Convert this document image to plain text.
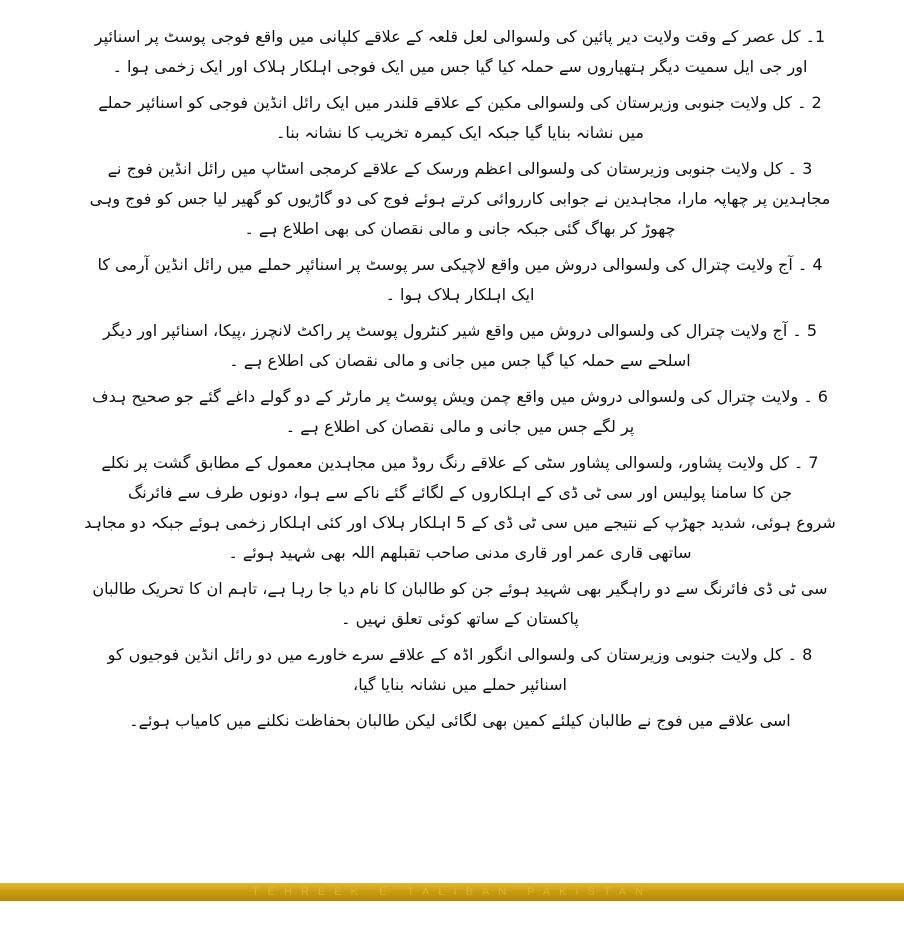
1۔ کل عصر کے وقت ولایت دیر پائین کی ولسوالی لعل قلعہ کے علاقے کلپانی میں واقع فوجی پوسٹ پر اسنائپر

اور جی ایل سمیت دیگر ہتھیاروں سے حملہ کیا گیا جس میں ایک فوجی اہلکار ہلاک اور ایک زخمی ہوا ۔

2 ۔ کل ولایت جنوبی وزیرستان کی ولسوالی مکین کے علاقے قلندر میں ایک رائل انڈین فوجی کو اسنائپر حملے

میں نشانہ بنایا گیا جبکہ ایک کیمرہ تخریب کا نشانہ بنا۔

3 ۔ کل ولایت جنوبی وزیرستان کی ولسوالی اعظم ورسک کے علاقے کرمجی اسٹاپ میں رائل انڈین فوج نے

مجاہدین پر چھاپہ مارا، مجاہدین نے جوابی کارروائی کرتے ہوئے فوج کی دو گاڑیوں کو گھیر لیا جس کو فوج وہی

چھوڑ کر بھاگ گئی جبکہ جانی و مالی نقصان کی بھی اطلاع ہے ۔

4 ۔ آج ولایت چترال کی ولسوالی دروش میں واقع لاچیکی سر پوسٹ پر اسنائپر حملے میں رائل انڈین آرمی کا

ایک اہلکار ہلاک ہوا ۔

5 ۔ آج ولایت چترال کی ولسوالی دروش میں واقع شیر کنٹرول پوسٹ پر راکٹ لانچرز ،پیکا، اسنائپر اور دیگر

اسلحے سے حملہ کیا گیا جس میں جانی و مالی نقصان کی اطلاع ہے ۔

6 ۔ ولایت چترال کی ولسوالی دروش میں واقع چمن ویش پوسٹ پر مارٹر کے دو گولے داغے گئے جو صحیح ہدف

پر لگے جس میں جانی و مالی نقصان کی اطلاع ہے ۔

7 ۔ کل ولایت پشاور، ولسوالی پشاور سٹی کے علاقے رنگ روڈ میں مجاہدین معمول کے مطابق گشت پر نکلے

جن کا سامنا پولیس اور سی ٹی ڈی کے اہلکاروں کے لگائے گئے ناکے سے ہوا، دونوں طرف سے فائرنگ

شروع ہوئی، شدید جھڑپ کے نتیجے میں سی ٹی ڈی کے 5 اہلکار ہلاک اور کئی اہلکار زخمی ہوئے جبکہ دو مجاہد

ساتھی قاری عمر اور قاری مدنی صاحب تقبلھم اللہ بھی شہید ہوئے ۔

سی ٹی ڈی فائرنگ سے دو راہگیر بھی شہید ہوئے جن کو طالبان کا نام دیا جا رہا ہے، تاہم ان کا تحریک طالبان

پاکستان کے ساتھ کوئی تعلق نہیں ۔

8 ۔ کل ولایت جنوبی وزیرستان کی ولسوالی انگور اڈہ کے علاقے سرے خاورے میں دو رائل انڈین فوجیوں کو

اسنائپر حملے میں نشانہ بنایا گیا،

اسی علاقے میں فوج نے طالبان کیلئے کمین بھی لگائی لیکن طالبان بحفاظت نکلنے میں کامیاب ہوئے۔

TEHREEK E TALIBAN PAKISTAN
